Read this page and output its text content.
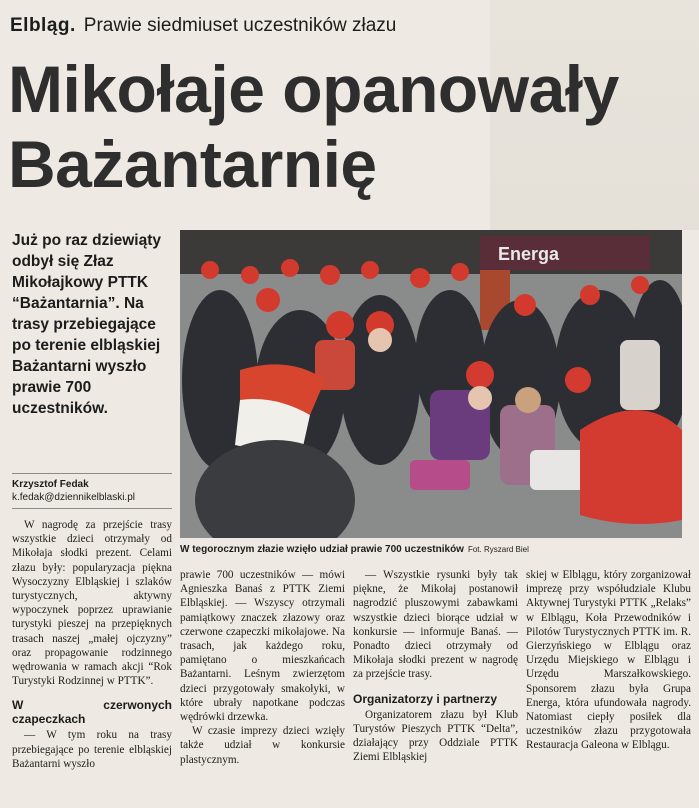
Elbląg. Prawie siedmiuset uczestników złazu
Mikołaje opanowały
Bażantarnię
Już po raz dziewiąty odbył się Złaz Mikołajkowy PTTK “Bażantarnia”. Na trasy przebiegające po terenie elbląskiej Bażantarni wyszło prawie 700 uczestników.
Krzysztof Fedak
k.fedak@dziennikelblaski.pl
Energa
W tegorocznym złazie wzięło udział prawie 700 uczestników Fot. Ryszard Biel

W nagrodę za przejście trasy wszystkie dzieci otrzymały od Mikołaja słodki prezent. Celami złazu były: popularyzacja piękna Wysoczyzny Elbląskiej i szlaków turystycznych, aktywny wypoczynek poprzez uprawianie turystyki pieszej na przepięknych trasach naszej „małej ojczyzny” oraz propagowanie rodzinnego wędrowania w ramach akcji “Rok Turystyki Rodzinnej w PTTK”.

W czerwonych czapeczkach

— W tym roku na trasy przebiegające po terenie elbląskiej Bażantarni wyszło

prawie 700 uczestników — mówi Agnieszka Banaś z PTTK Ziemi Elbląskiej. — Wszyscy otrzymali pamiątkowy znaczek złazowy oraz czerwone czapeczki mikołajowe. Na trasach, jak każdego roku, pamiętano o mieszkańcach Bażantarni. Leśnym zwierzętom dzieci przygotowały smakołyki, w które ubrały napotkane podczas wędrówki drzewka.

W czasie imprezy dzieci wzięły także udział w konkursie plastycznym.

— Wszystkie rysunki były tak piękne, że Mikołaj postanowił nagrodzić pluszowymi zabawkami wszystkie dzieci biorące udział w konkursie — informuje Banaś. — Ponadto dzieci otrzymały od Mikołaja słodki prezent w nagrodę za przejście trasy.

Organizatorzy i partnerzy

Organizatorem złazu był Klub Turystów Pieszych PTTK “Delta”, działający przy Oddziale PTTK Ziemi Elbląskiej

skiej w Elblągu, który zorganizował imprezę przy współudziale Klubu Aktywnej Turystyki PTTK „Relaks” w Elblągu, Koła Przewodników i Pilotów Turystycznych PTTK im. R. Gierzyńskiego w Elblągu oraz Urzędu Miejskiego w Elblągu i Urzędu Marszałkowskiego. Sponsorem złazu była Grupa Energa, która ufundowała nagrody. Natomiast ciepły posiłek dla uczestników złazu przygotowała Restauracja Galeona w Elblągu.
